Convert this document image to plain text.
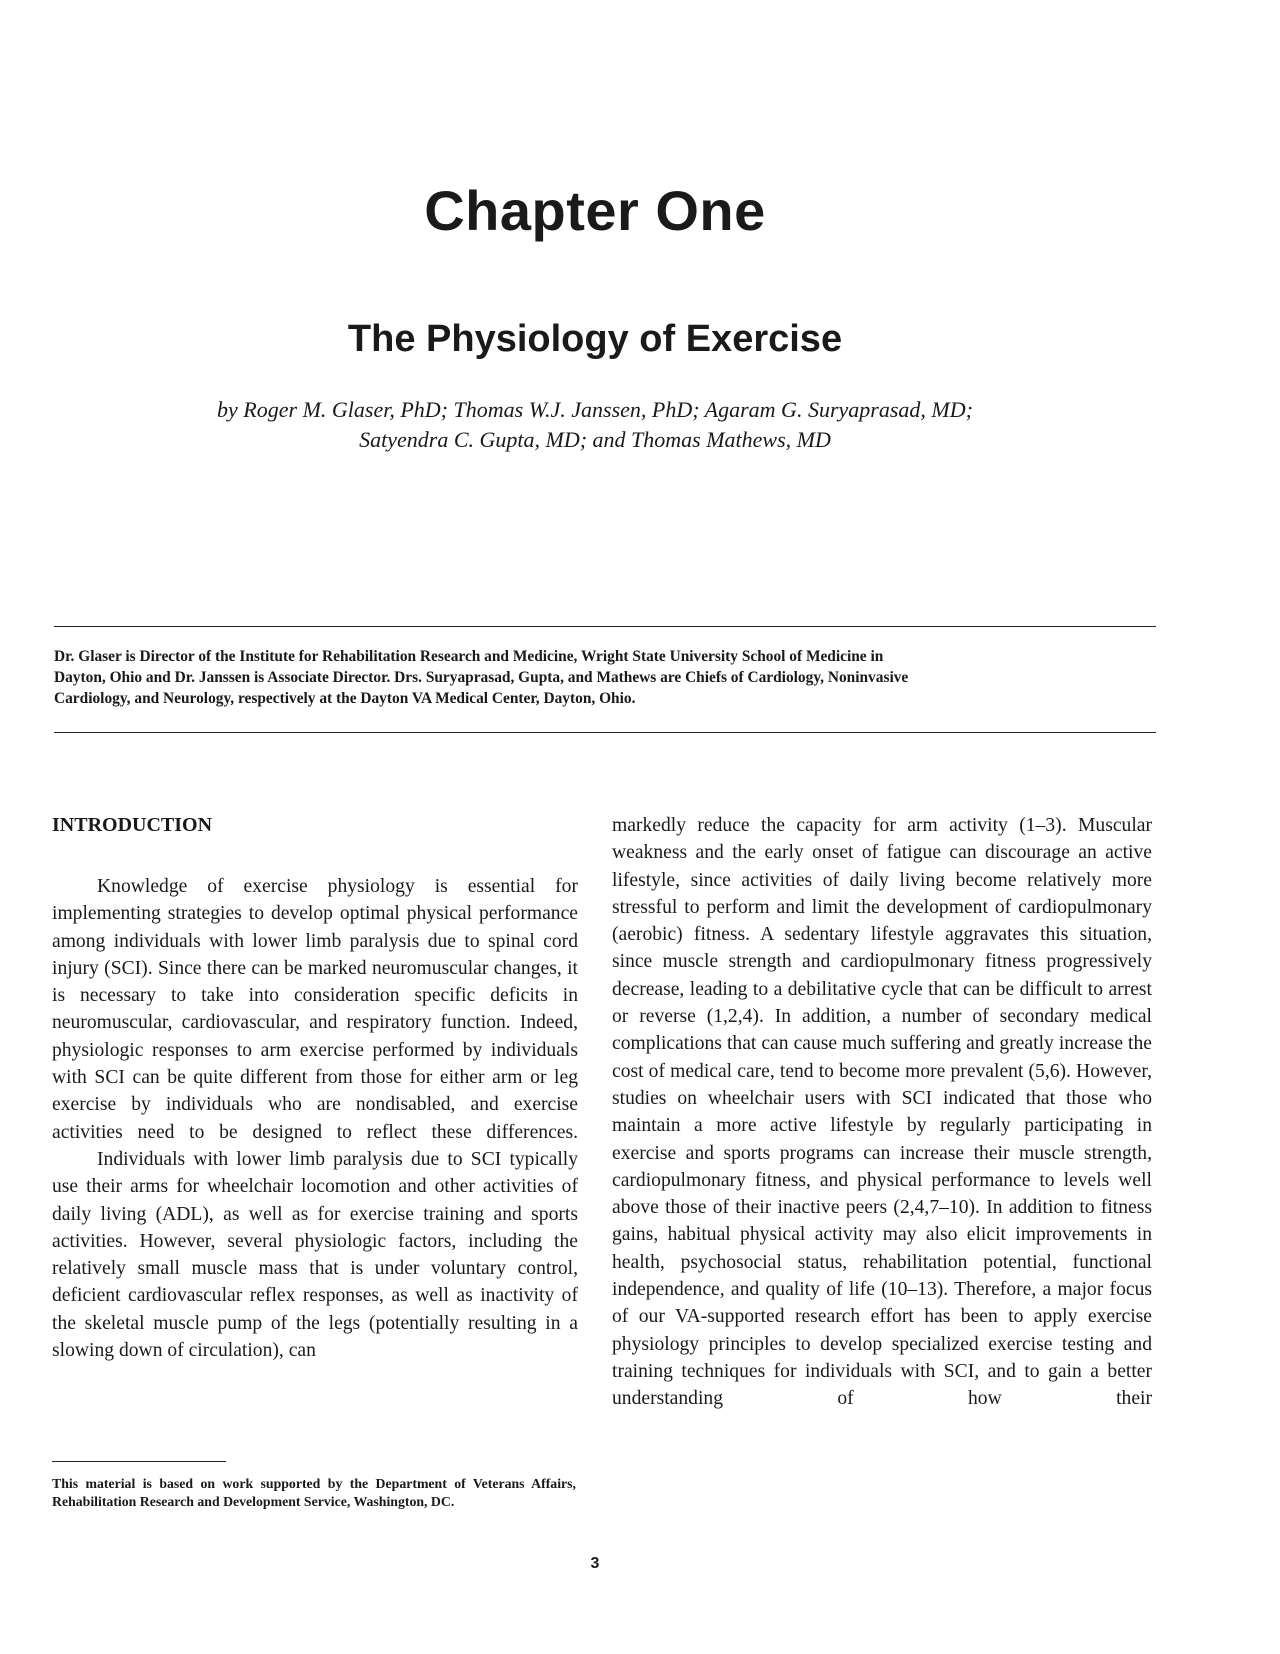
Chapter One
The Physiology of Exercise
by Roger M. Glaser, PhD; Thomas W.J. Janssen, PhD; Agaram G. Suryaprasad, MD;
Satyendra C. Gupta, MD; and Thomas Mathews, MD
Dr. Glaser is Director of the Institute for Rehabilitation Research and Medicine, Wright State University School of Medicine in
Dayton, Ohio and Dr. Janssen is Associate Director. Drs. Suryaprasad, Gupta, and Mathews are Chiefs of Cardiology, Noninvasive
Cardiology, and Neurology, respectively at the Dayton VA Medical Center, Dayton, Ohio.
INTRODUCTION

Knowledge of exercise physiology is essential for implementing strategies to develop optimal physical performance among individuals with lower limb paralysis due to spinal cord injury (SCI). Since there can be marked neuromuscular changes, it is necessary to take into consideration specific deficits in neuromuscular, cardiovascular, and respiratory function. Indeed, physiologic responses to arm exercise performed by individuals with SCI can be quite different from those for either arm or leg exercise by individuals who are nondisabled, and exercise activities need to be designed to reflect these differences.

Individuals with lower limb paralysis due to SCI typically use their arms for wheelchair locomotion and other activities of daily living (ADL), as well as for exercise training and sports activities. However, several physiologic factors, including the relatively small muscle mass that is under voluntary control, deficient cardiovascular reflex responses, as well as inactivity of the skeletal muscle pump of the legs (potentially resulting in a slowing down of circulation), can

markedly reduce the capacity for arm activity (1–3). Muscular weakness and the early onset of fatigue can discourage an active lifestyle, since activities of daily living become relatively more stressful to perform and limit the development of cardiopulmonary (aerobic) fitness. A sedentary lifestyle aggravates this situation, since muscle strength and cardiopulmonary fitness progressively decrease, leading to a debilitative cycle that can be difficult to arrest or reverse (1,2,4). In addition, a number of secondary medical complications that can cause much suffering and greatly increase the cost of medical care, tend to become more prevalent (5,6). However, studies on wheelchair users with SCI indicated that those who maintain a more active lifestyle by regularly participating in exercise and sports programs can increase their muscle strength, cardiopulmonary fitness, and physical performance to levels well above those of their inactive peers (2,4,7–10). In addition to fitness gains, habitual physical activity may also elicit improvements in health, psychosocial status, rehabilitation potential, functional independence, and quality of life (10–13). Therefore, a major focus of our VA-supported research effort has been to apply exercise physiology principles to develop specialized exercise testing and training techniques for individuals with SCI, and to gain a better understanding of how their

This material is based on work supported by the Department of Veterans Affairs, Rehabilitation Research and Development Service, Washington, DC.
3
